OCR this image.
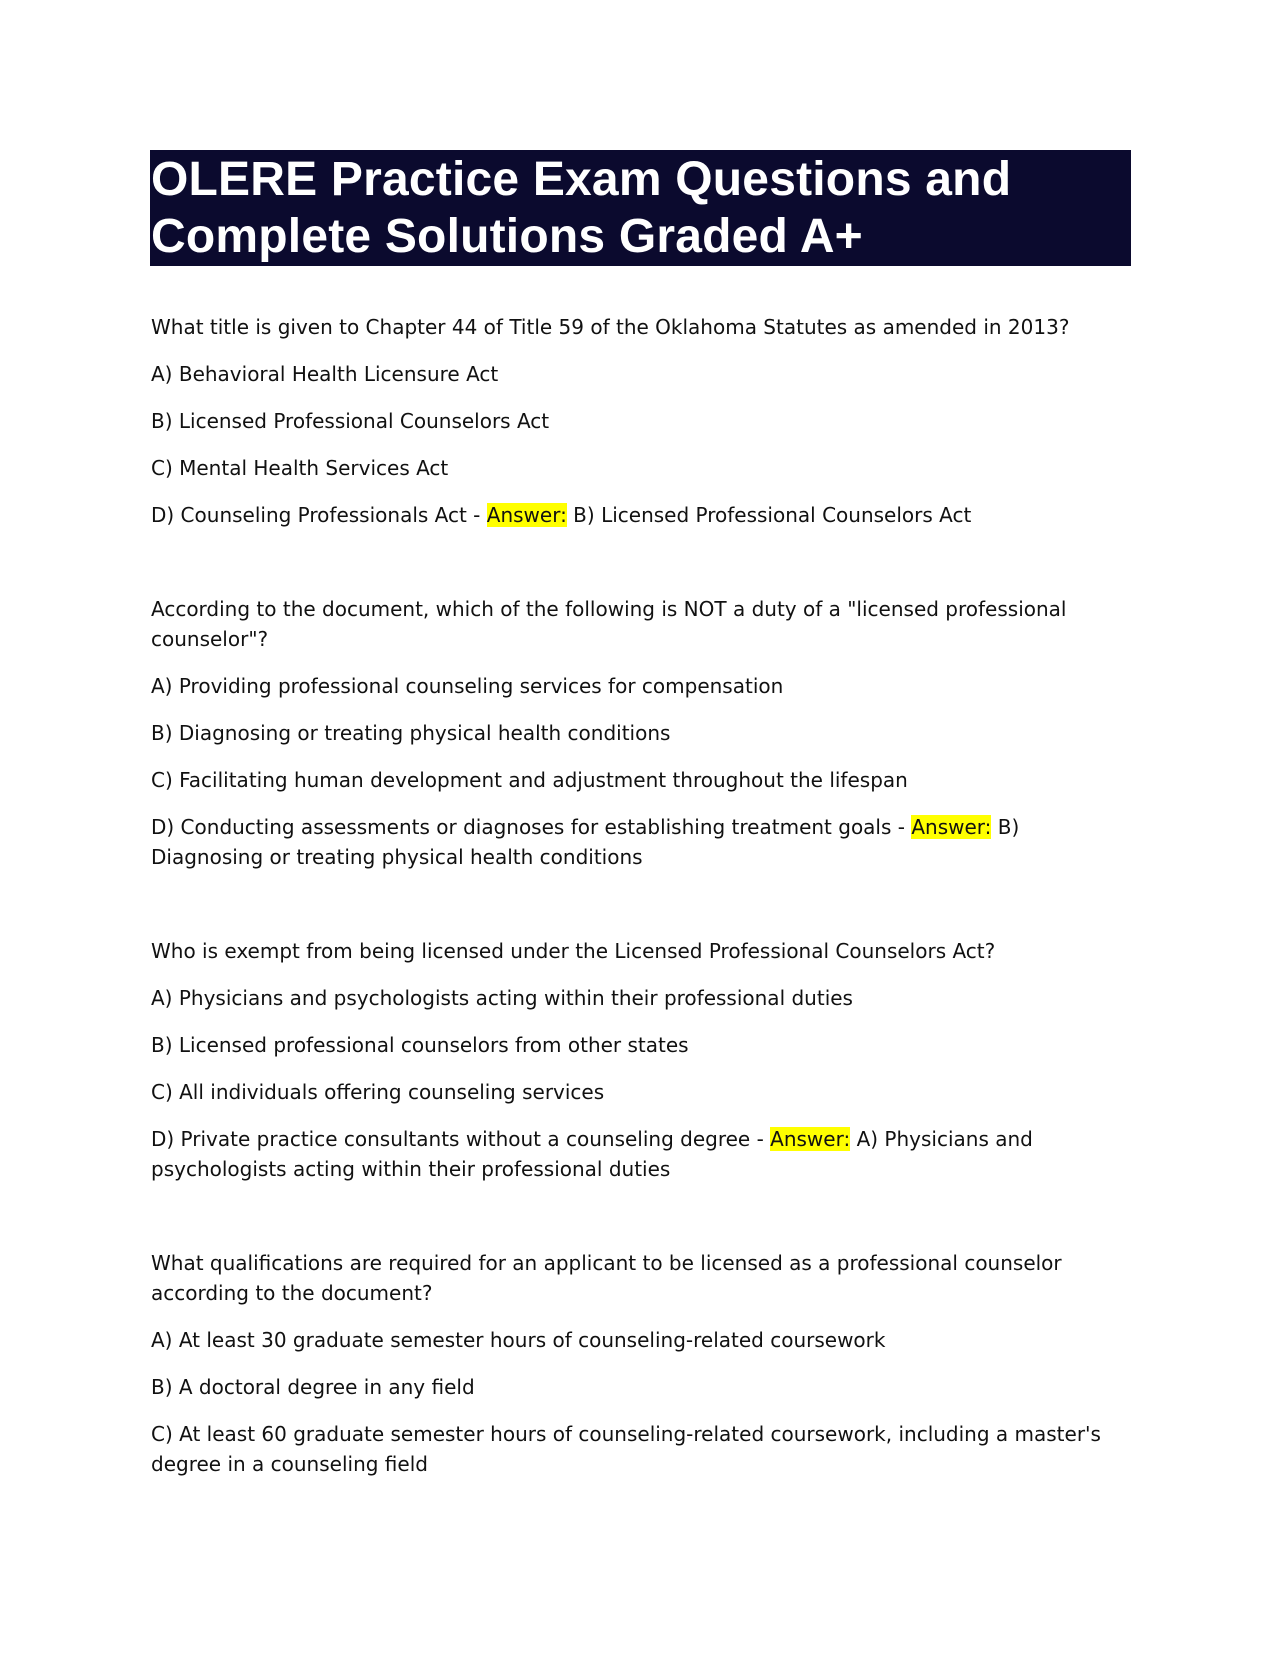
OLERE Practice Exam Questions and
Complete Solutions Graded A+

What title is given to Chapter 44 of Title 59 of the Oklahoma Statutes as amended in 2013?

A) Behavioral Health Licensure Act

B) Licensed Professional Counselors Act

C) Mental Health Services Act

D) Counseling Professionals Act - Answer: B) Licensed Professional Counselors Act

According to the document, which of the following is NOT a duty of a "licensed professional counselor"?

A) Providing professional counseling services for compensation

B) Diagnosing or treating physical health conditions

C) Facilitating human development and adjustment throughout the lifespan

D) Conducting assessments or diagnoses for establishing treatment goals - Answer: B) Diagnosing or treating physical health conditions

Who is exempt from being licensed under the Licensed Professional Counselors Act?

A) Physicians and psychologists acting within their professional duties

B) Licensed professional counselors from other states

C) All individuals offering counseling services

D) Private practice consultants without a counseling degree - Answer: A) Physicians and psychologists acting within their professional duties

What qualifications are required for an applicant to be licensed as a professional counselor according to the document?

A) At least 30 graduate semester hours of counseling-related coursework

B) A doctoral degree in any field

C) At least 60 graduate semester hours of counseling-related coursework, including a master's degree in a counseling field
